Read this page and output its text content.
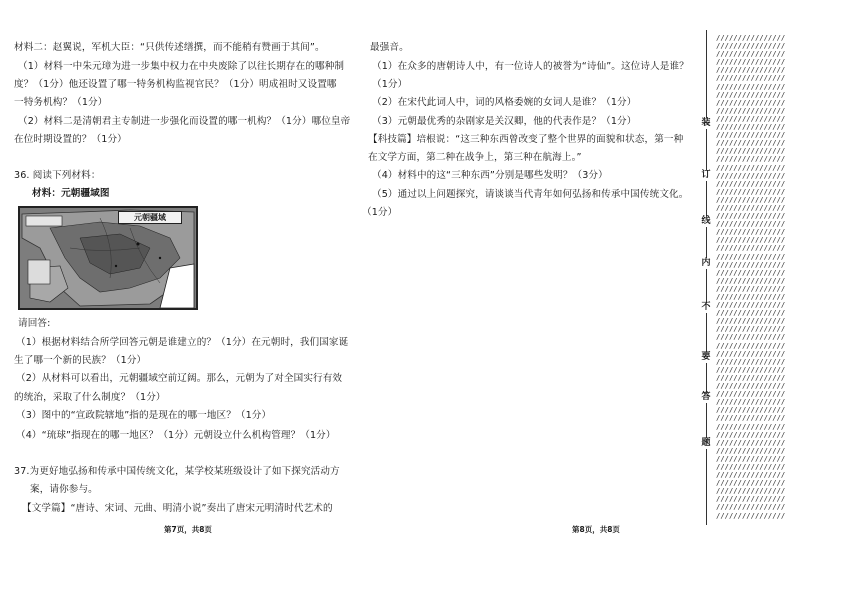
材料二：赵翼说，军机大臣：“只供传述缮撰，而不能稍有赞画于其间”。
（1）材料一中朱元璋为进一步集中权力在中央废除了以往长期存在的哪种制
度？（1分）他还设置了哪一特务机构监视官民？（1分）明成祖时又设置哪
一特务机构？（1分）
（2）材料二是清朝君主专制进一步强化而设置的哪一机构？（1分）哪位皇帝
在位时期设置的？（1分）
36. 阅读下列材料：
材料：元朝疆域图
元朝疆域
请回答:
（1）根据材料结合所学回答元朝是谁建立的？（1分）在元朝时，我们国家诞
生了哪一个新的民族？（1分）
（2）从材料可以看出，元朝疆域空前辽阔。那么，元朝为了对全国实行有效
的统治，采取了什么制度？（1分）
（3）图中的“宣政院辖地”指的是现在的哪一地区？（1分）
（4）“琉球”指现在的哪一地区？（1分）元朝设立什么机构管理？（1分）
37.为更好地弘扬和传承中国传统文化，某学校某班级设计了如下探究活动方
案，请你参与。
【文学篇】“唐诗、宋词、元曲、明清小说”奏出了唐宋元明清时代艺术的
第7页，共8页
最强音。
（1）在众多的唐朝诗人中，有一位诗人的被誉为“诗仙”。这位诗人是谁？
（1分）
（2）在宋代此词人中，词的风格委婉的女词人是谁？（1分）
（3）元朝最优秀的杂剧家是关汉卿，他的代表作是？（1分）
【科技篇】培根说：“这三种东西曾改变了整个世界的面貌和状态，第一种
在文学方面，第二种在战争上，第三种在航海上。”
（4）材料中的这“三种东西”分别是哪些发明？（3分）
（5）通过以上问题探究，请谈谈当代青年如何弘扬和传承中国传统文化。
（1分）
第8页，共8页
装
订
线
内
不
要
答
题
////////////////
////////////////
////////////////
////////////////
////////////////
////////////////
////////////////
////////////////
////////////////
////////////////
////////////////
////////////////
////////////////
////////////////
////////////////
////////////////
////////////////
////////////////
////////////////
////////////////
////////////////
////////////////
////////////////
////////////////
////////////////
////////////////
////////////////
////////////////
////////////////
////////////////
////////////////
////////////////
////////////////
////////////////
////////////////
////////////////
////////////////
////////////////
////////////////
////////////////
////////////////
////////////////
////////////////
////////////////
////////////////
////////////////
////////////////
////////////////
////////////////
////////////////
////////////////
////////////////
////////////////
////////////////
////////////////
////////////////
////////////////
////////////////
////////////////
////////////////
